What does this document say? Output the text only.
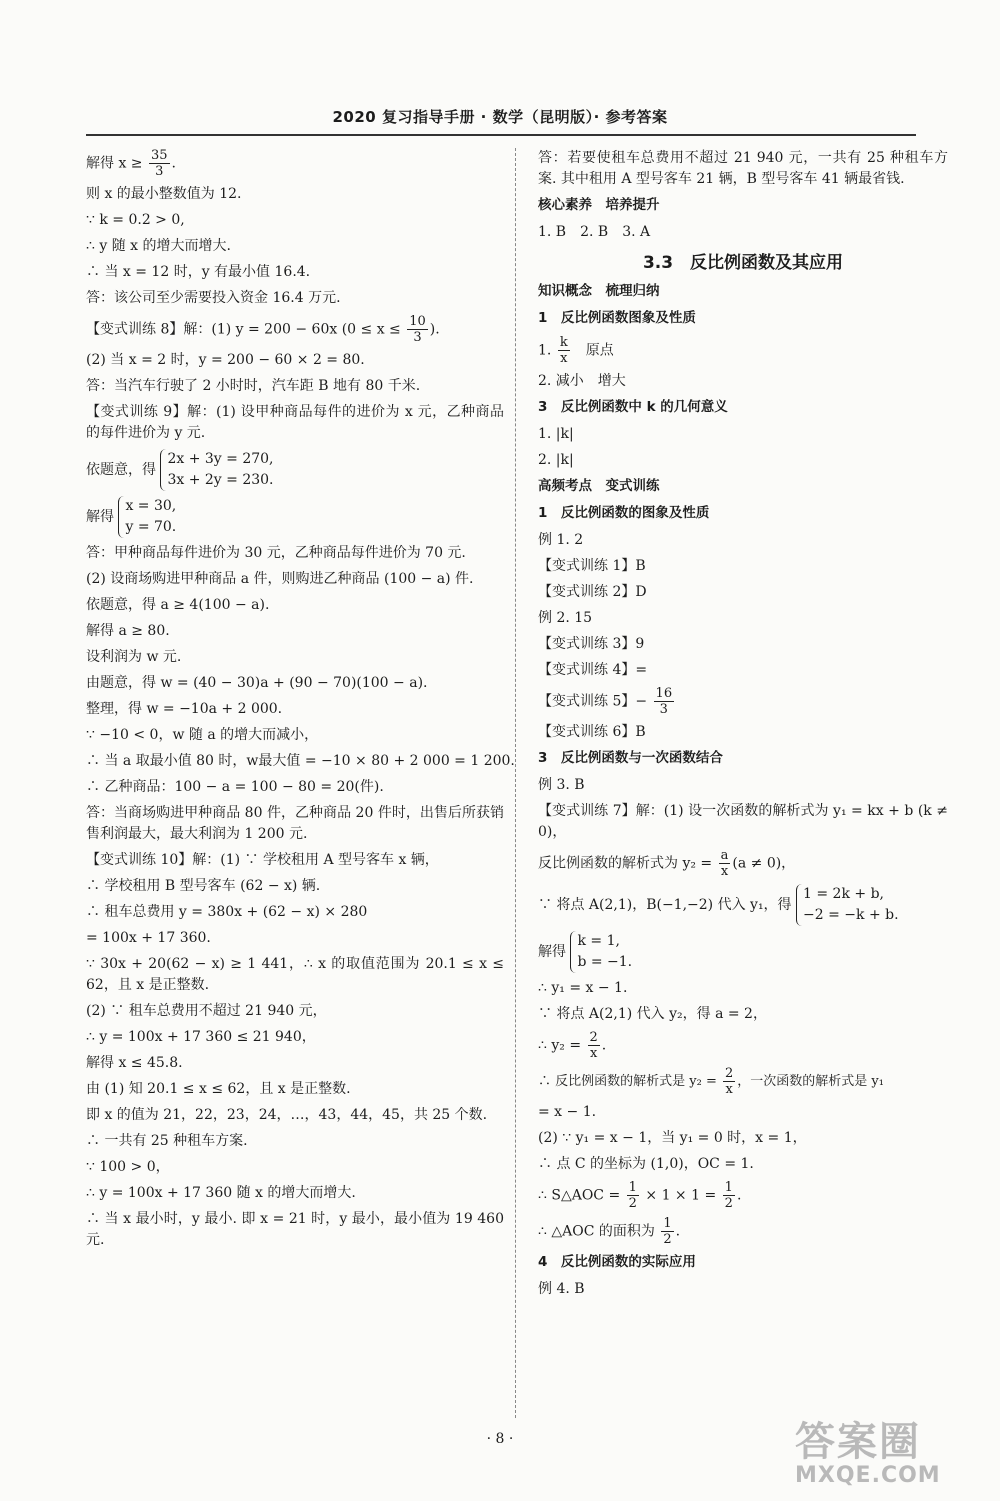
2020 复习指导手册 · 数学（昆明版）· 参考答案
解得 $x \ge \frac{35}{3}$ .
则 x 的最小整数值为 12.
∵ k = 0.2 > 0,
∴ y 随 x 的增大而增大.
∴ 当 x = 12 时，y 有最小值 16.4.
答：该公司至少需要投入资金 16.4 万元.
【变式训练 8】解：(1) y = 200 − 60x ($0 \le x \le \frac{10}{3}$ ).
(2) 当 x = 2 时，y = 200 − 60 × 2 = 80.
答：当汽车行驶了 2 小时时，汽车距 B 地有 80 千米.
【变式训练 9】解：(1) 设甲种商品每件的进价为 x 元，乙种商品的每件进价为 y 元.
依题意，得
2x + 3y = 270,
3x + 2y = 230.
解得
x = 30,
y = 70.
答：甲种商品每件进价为 30 元，乙种商品每件进价为 70 元.
(2) 设商场购进甲种商品 a 件，则购进乙种商品 (100 − a) 件.
依题意，得 a ≥ 4(100 − a).
解得 a ≥ 80.
设利润为 w 元.
由题意，得 w = (40 − 30)a + (90 − 70)(100 − a).
整理，得 w = −10a + 2 000.
∵ −10 < 0，w 随 a 的增大而减小，
∴ 当 a 取最小值 80 时，w最大值 = −10 × 80 + 2 000 = 1 200.
∴ 乙种商品：100 − a = 100 − 80 = 20(件).
答：当商场购进甲种商品 80 件，乙种商品 20 件时，出售后所获销售利润最大，最大利润为 1 200 元.
【变式训练 10】解：(1) ∵ 学校租用 A 型号客车 x 辆，
∴ 学校租用 B 型号客车 (62 − x) 辆.
∴ 租车总费用 y = 380x + (62 − x) × 280
= 100x + 17 360.
∵ 30x + 20(62 − x) ≥ 1 441，∴ x 的取值范围为 20.1 ≤ x ≤ 62，且 x 是正整数.
(2) ∵ 租车总费用不超过 21 940 元，
∴ y = 100x + 17 360 ≤ 21 940，
解得 x ≤ 45.8.
由 (1) 知 20.1 ≤ x ≤ 62，且 x 是正整数.
即 x 的值为 21，22，23，24，…，43，44，45，共 25 个数.
∴ 一共有 25 种租车方案.
∵ 100 > 0，
∴ y = 100x + 17 360 随 x 的增大而增大.
∴ 当 x 最小时，y 最小. 即 x = 21 时，y 最小，最小值为 19 460 元.
答：若要使租车总费用不超过 21 940 元，一共有 25 种租车方案. 其中租用 A 型号客车 21 辆，B 型号客车 41 辆最省钱.
核心素养　培养提升
1. B　2. B　3. A
3.3　反比例函数及其应用
知识概念　梳理归纳
1　反比例函数图象及性质
1. $\frac{k}{x}$ 　原点
2. 减小　增大
3　反比例函数中 k 的几何意义
1. |k|
2. |k|
高频考点　变式训练
1　反比例函数的图象及性质
例 1. 2
【变式训练 1】B
【变式训练 2】D
例 2. 15
【变式训练 3】9
【变式训练 4】=
【变式训练 5】− $\frac{16}{3}$
【变式训练 6】B
3　反比例函数与一次函数结合
例 3. B
【变式训练 7】解：(1) 设一次函数的解析式为 y₁ = kx + b (k ≠ 0)，
反比例函数的解析式为 $y_2 = \frac{a}{x} (a \ne 0)$，
∵ 将点 A(2,1)，B(−1,−2) 代入 y₁，得
1 = 2k + b,
−2 = −k + b.
解得
k = 1,
b = −1.
∴ y₁ = x − 1.
∵ 将点 A(2,1) 代入 y₂，得 a = 2，
∴ $y_2 = \frac{2}{x}$ .
∴ 反比例函数的解析式是 $y_2 = \frac{2}{x}$ ，一次函数的解析式是 y₁
= x − 1.
(2) ∵ y₁ = x − 1，当 y₁ = 0 时，x = 1，
∴ 点 C 的坐标为 (1,0)，OC = 1.
∴ S△AOC = $\frac{1}{2} \times 1 \times 1 = \frac{1}{2}$ .
∴ △AOC 的面积为 $\frac{1}{2}$ .
4　反比例函数的实际应用
例 4. B
· 8 ·	答案圈
MXQE.COM
